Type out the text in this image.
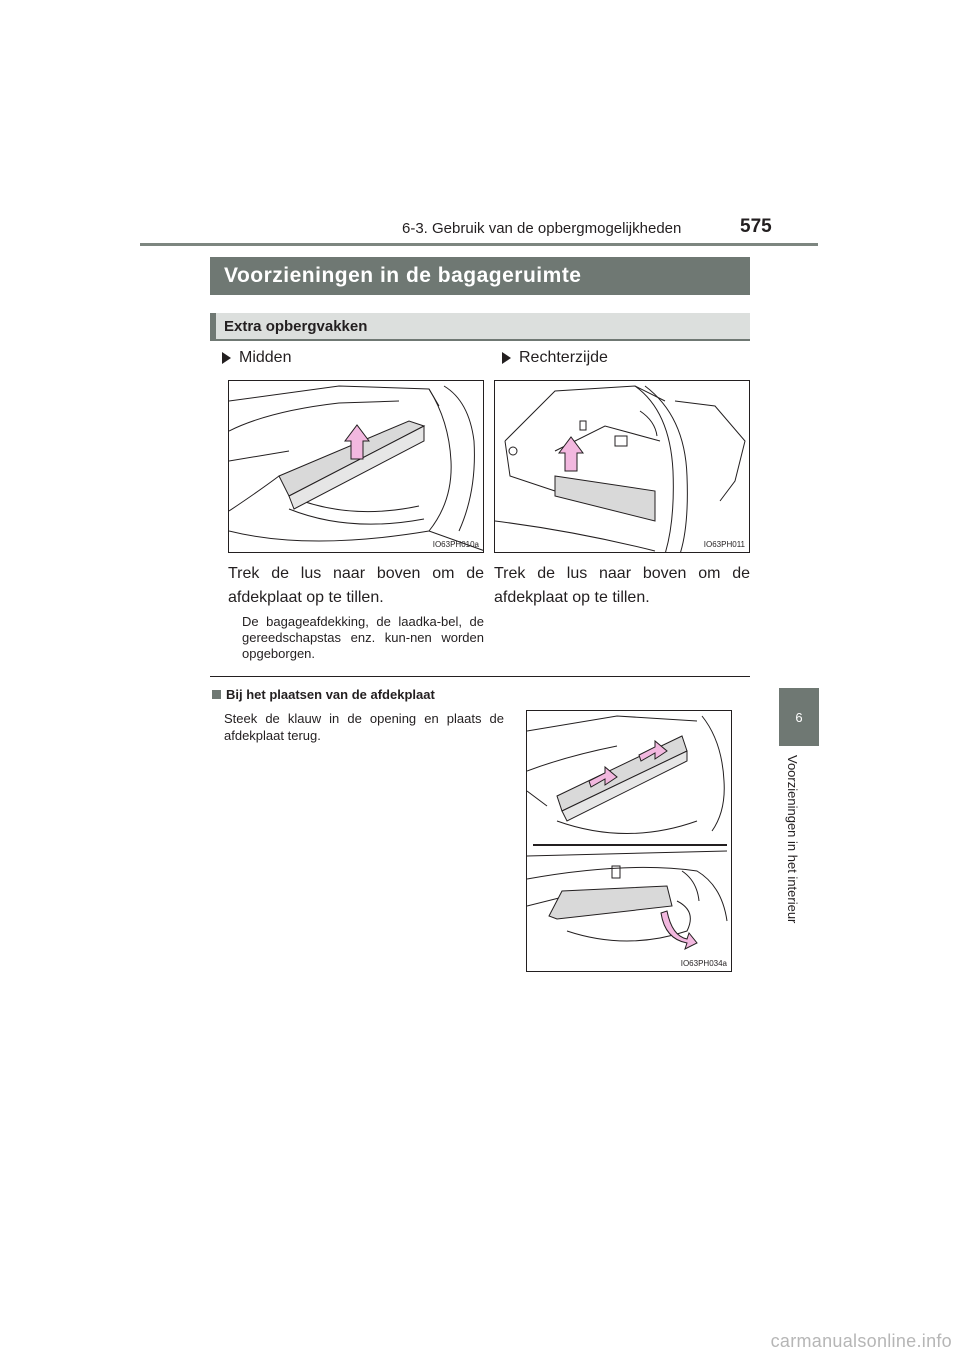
6-3. Gebruik van de opbergmogelijkheden	575
6
Voorzieningen in het interieur
Voorzieningen in de bagageruimte
Extra opbergvakken
Midden	Rechterzijde
IO63PH010a	IO63PH011
Trek de lus naar boven om de afdekplaat op te tillen.
De bagageafdekking, de laadka-bel, de gereedschapstas enz. kun-nen worden opgeborgen.
Trek de lus naar boven om de afdekplaat op te tillen.
Bij het plaatsen van de afdekplaat
Steek de klauw in de opening en plaats de afdekplaat terug.
IO63PH034a
carmanualsonline.info
